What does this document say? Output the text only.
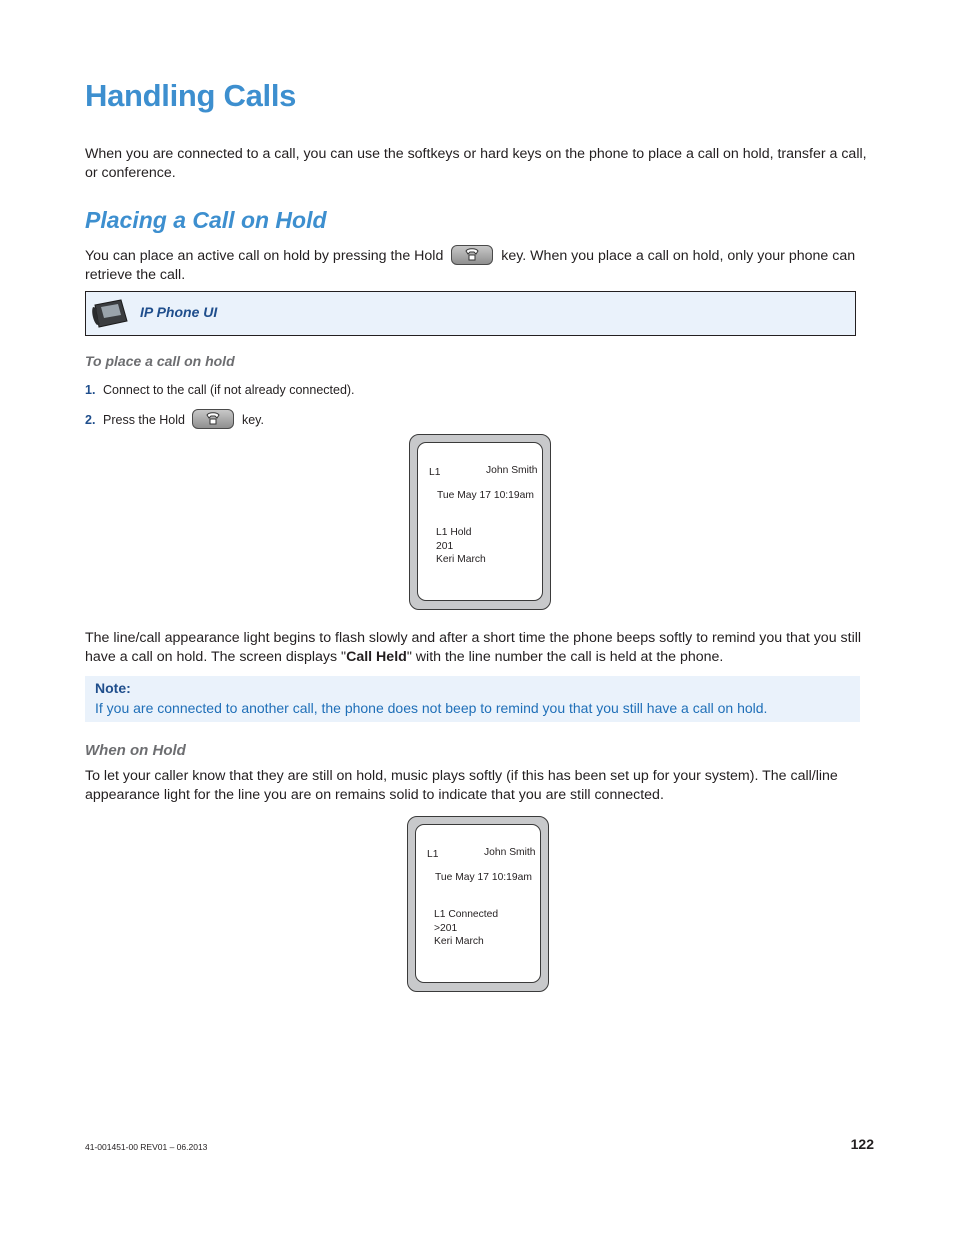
Handling Calls

When you are connected to a call, you can use the softkeys or hard keys on the phone to place a call on hold, transfer a call, or conference.

Placing a Call on Hold

You can place an active call on hold by pressing the Hold	key. When you place a call on hold, only your phone can retrieve the call.

IP Phone UI
To place a call on hold
1. Connect to the call (if not already connected).
2. Press the Hold	key.
L1	John Smith
Tue May 17 10:19am
L1 Hold
201
Keri March

The line/call appearance light begins to flash slowly and after a short time the phone beeps softly to remind you that you still have a call on hold. The screen displays "Call Held" with the line number the call is held at the phone.

Note:
If you are connected to another call, the phone does not beep to remind you that you still have a call on hold.
When on Hold

To let your caller know that they are still on hold, music plays softly (if this has been set up for your system). The call/line appearance light for the line you are on remains solid to indicate that you are still connected.

L1	John Smith
Tue May 17 10:19am
L1 Connected
>201
Keri March
41-001451-00 REV01 – 06.2013	122
